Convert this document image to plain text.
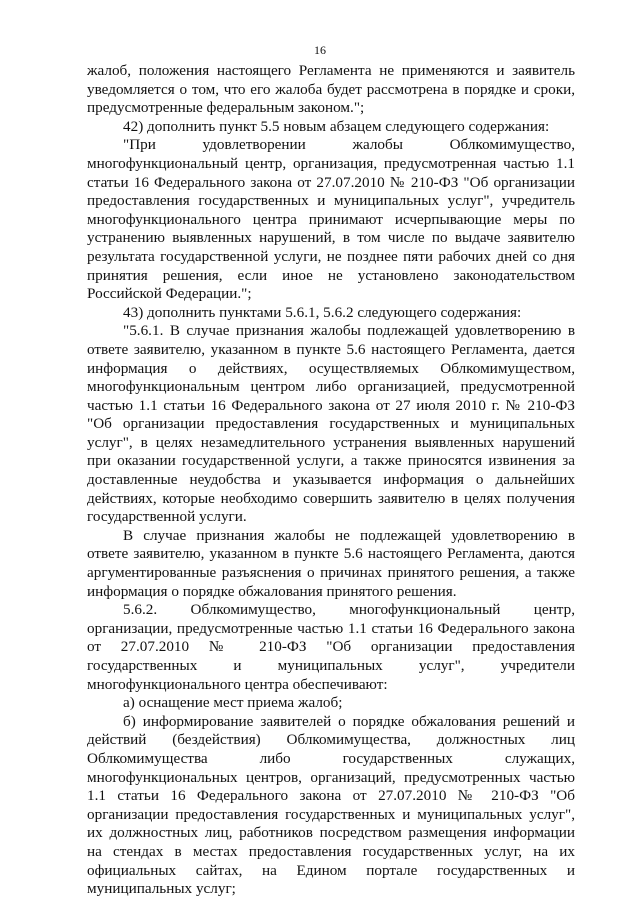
16

жалоб, положения настоящего Регламента не применяются и заявитель уведомляется о том, что его жалоба будет рассмотрена в порядке и сроки, предусмотренные федеральным законом.";

42) дополнить пункт 5.5 новым абзацем следующего содержания:

"При удовлетворении жалобы Облкомимущество, многофункциональный центр, организация, предусмотренная частью 1.1 статьи 16 Федерального закона от 27.07.2010 № 210-ФЗ "Об организации предоставления государственных и муниципальных услуг", учредитель многофункционального центра принимают исчерпывающие меры по устранению выявленных нарушений, в том числе по выдаче заявителю результата государственной услуги, не позднее пяти рабочих дней со дня принятия решения, если иное не установлено законодательством Российской Федерации.";

43) дополнить пунктами 5.6.1, 5.6.2 следующего содержания:

"5.6.1. В случае признания жалобы подлежащей удовлетворению в ответе заявителю, указанном в пункте 5.6 настоящего Регламента, дается информация о действиях, осуществляемых Облкомимуществом, многофункциональным центром либо организацией, предусмотренной частью 1.1 статьи 16 Федерального закона от 27 июля 2010 г. № 210-ФЗ "Об организации предоставления государственных и муниципальных услуг", в целях незамедлительного устранения выявленных нарушений при оказании государственной услуги, а также приносятся извинения за доставленные неудобства и указывается информация о дальнейших действиях, которые необходимо совершить заявителю в целях получения государственной услуги.

В случае признания жалобы не подлежащей удовлетворению в ответе заявителю, указанном в пункте 5.6 настоящего Регламента, даются аргументированные разъяснения о причинах принятого решения, а также информация о порядке обжалования принятого решения.

5.6.2. Облкомимущество, многофункциональный центр, организации, предусмотренные частью 1.1 статьи 16 Федерального закона от 27.07.2010 № 210-ФЗ "Об организации предоставления государственных и муниципальных услуг", учредители многофункционального центра обеспечивают:

а) оснащение мест приема жалоб;

б) информирование заявителей о порядке обжалования решений и действий (бездействия) Облкомимущества, должностных лиц Облкомимущества либо государственных служащих, многофункциональных центров, организаций, предусмотренных частью 1.1 статьи 16 Федерального закона от 27.07.2010 № 210-ФЗ "Об организации предоставления государственных и муниципальных услуг", их должностных лиц, работников посредством размещения информации на стендах в местах предоставления государственных услуг, на их официальных сайтах, на Едином портале государственных и муниципальных услуг;
